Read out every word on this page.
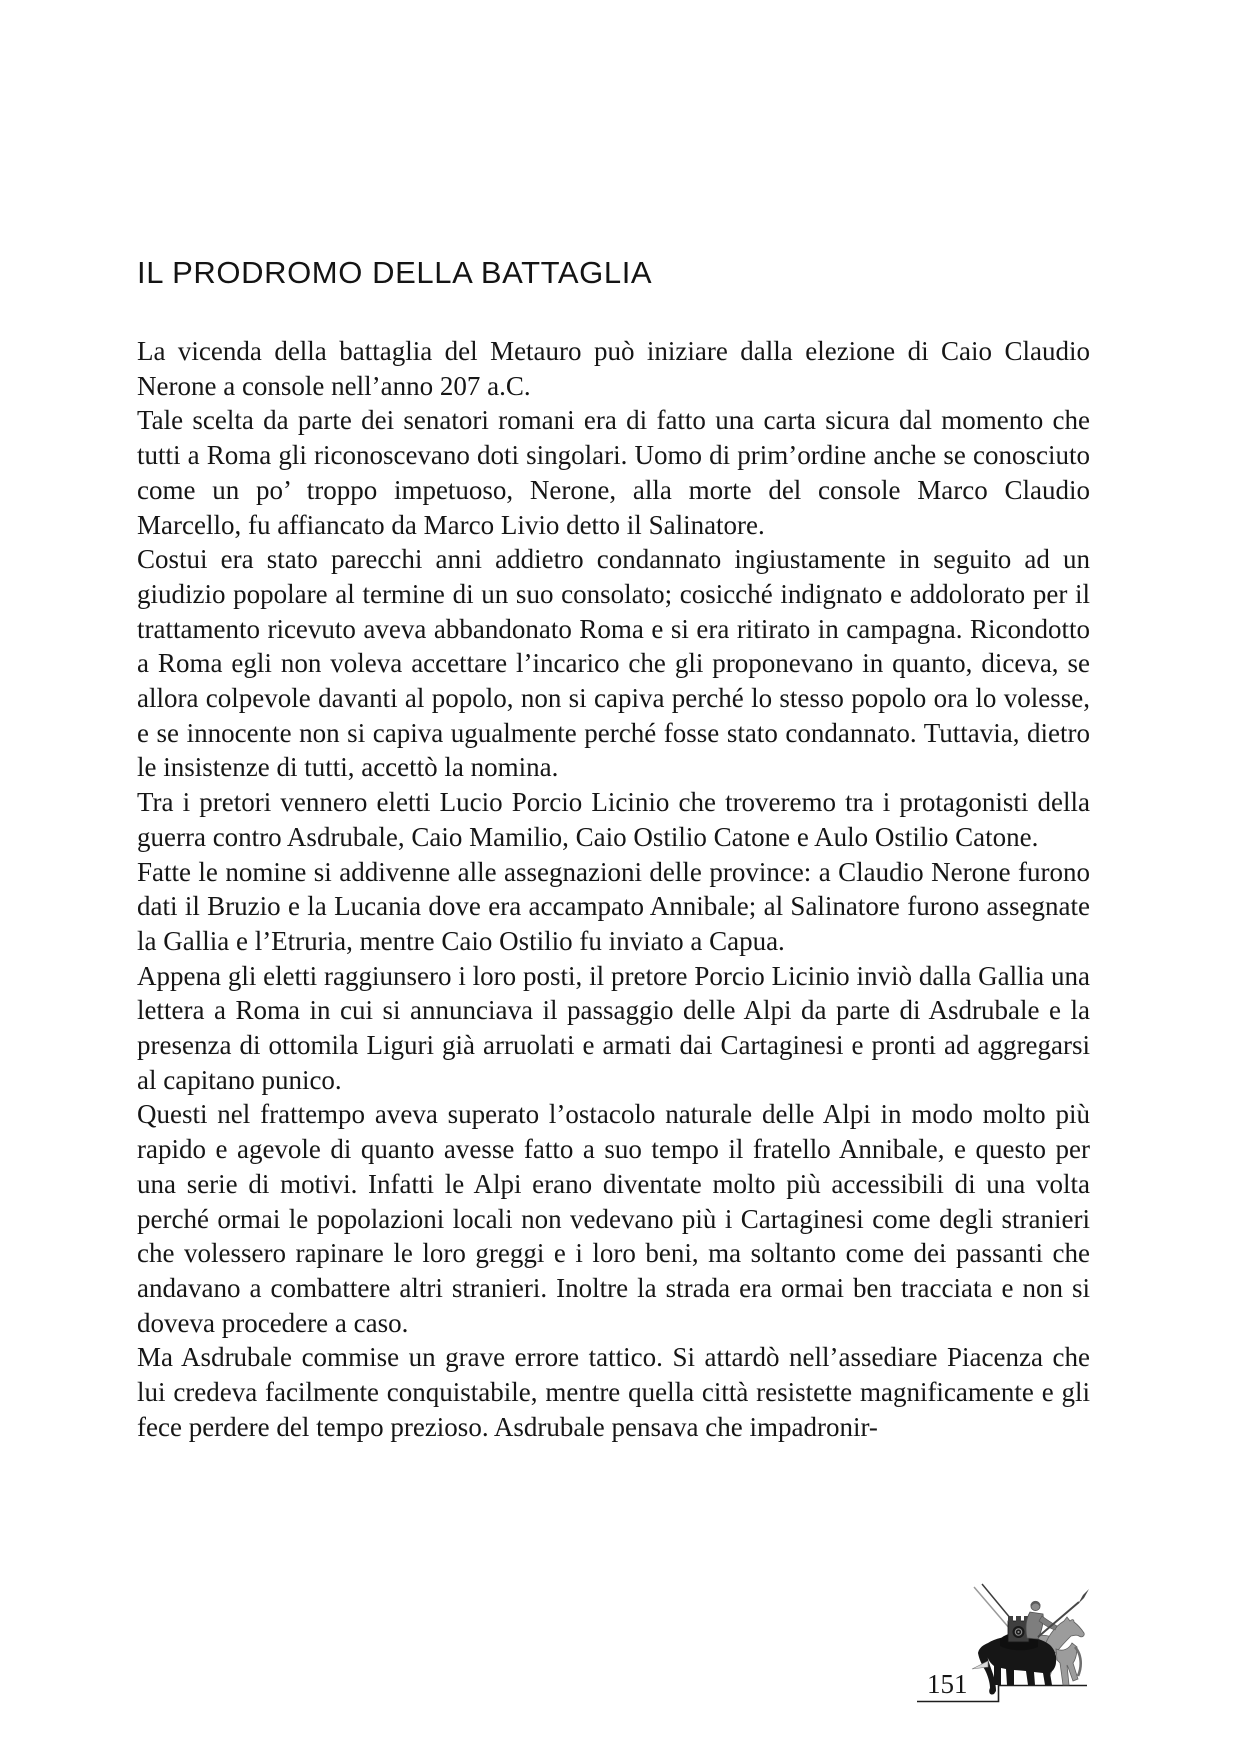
IL PRODROMO DELLA BATTAGLIA

La vicenda della battaglia del Metauro può iniziare dalla elezione di Caio Claudio Nerone a console nell’anno 207 a.C.

Tale scelta da parte dei senatori romani era di fatto una carta sicura dal momento che tutti a Roma gli riconoscevano doti singolari. Uomo di prim’ordine anche se conosciuto come un po’ troppo impetuoso, Nerone, alla morte del console Marco Claudio Marcello, fu affiancato da Marco Livio detto il Salinatore.

Costui era stato parecchi anni addietro condannato ingiustamente in seguito ad un giudizio popolare al termine di un suo consolato; cosicché indignato e addolorato per il trattamento ricevuto aveva abbandonato Roma e si era ritirato in campagna. Ricondotto a Roma egli non voleva accettare l’incarico che gli proponevano in quanto, diceva, se allora colpevole davanti al popolo, non si capiva perché lo stesso popolo ora lo volesse, e se innocente non si capiva ugualmente perché fosse stato condannato. Tuttavia, dietro le insistenze di tutti, accettò la nomina.

Tra i pretori vennero eletti Lucio Porcio Licinio che troveremo tra i protagonisti della guerra contro Asdrubale, Caio Mamilio, Caio Ostilio Catone e Aulo Ostilio Catone.

Fatte le nomine si addivenne alle assegnazioni delle province: a Claudio Nerone furono dati il Bruzio e la Lucania dove era accampato Annibale; al Salinatore furono assegnate la Gallia e l’Etruria, mentre Caio Ostilio fu inviato a Capua.

Appena gli eletti raggiunsero i loro posti, il pretore Porcio Licinio inviò dalla Gallia una lettera a Roma in cui si annunciava il passaggio delle Alpi da parte di Asdrubale e la presenza di ottomila Liguri già arruolati e armati dai Cartaginesi e pronti ad aggregarsi al capitano punico.

Questi nel frattempo aveva superato l’ostacolo naturale delle Alpi in modo molto più rapido e agevole di quanto avesse fatto a suo tempo il fratello Annibale, e questo per una serie di motivi. Infatti le Alpi erano diventate molto più accessibili di una volta perché ormai le popolazioni locali non vedevano più i Cartaginesi come degli stranieri che volessero rapinare le loro greggi e i loro beni, ma soltanto come dei passanti che andavano a combattere altri stranieri. Inoltre la strada era ormai ben tracciata e non si doveva procedere a caso.

Ma Asdrubale commise un grave errore tattico. Si attardò nell’assediare Piacenza che lui credeva facilmente conquistabile, mentre quella città resistette magnificamente e gli fece perdere del tempo prezioso. Asdrubale pensava che impadronir-

151
